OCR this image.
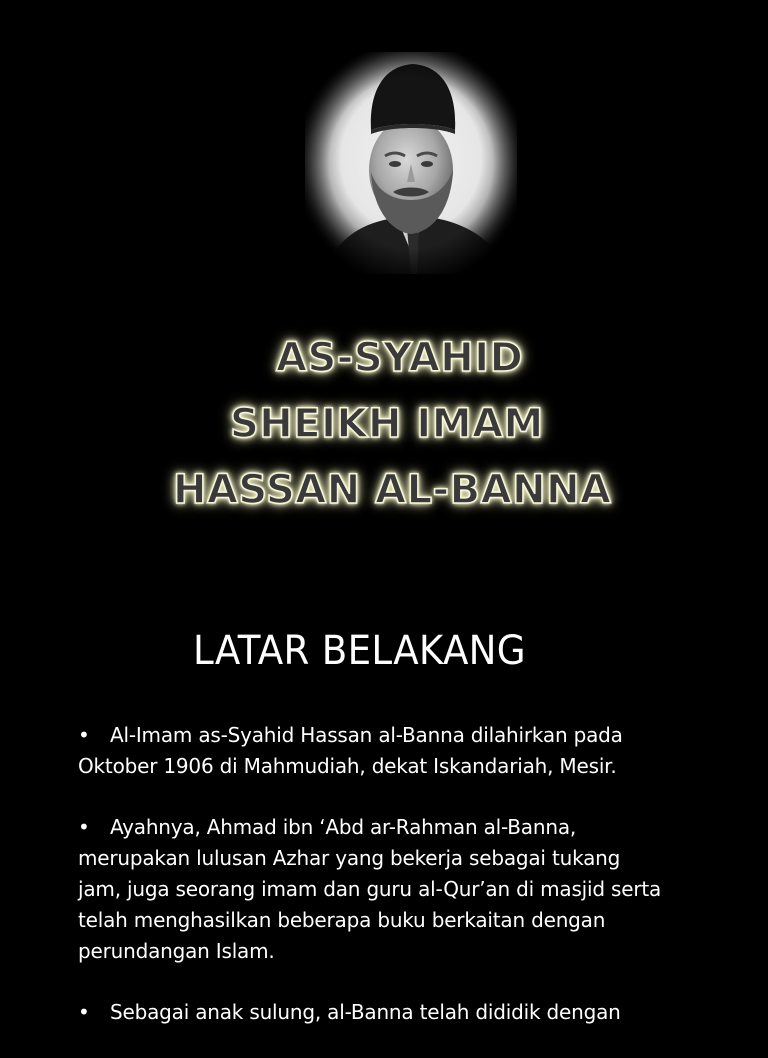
AS-SYAHID
SHEIKH IMAM
HASSAN AL-BANNA
LATAR BELAKANG
• Al-Imam as-Syahid Hassan al-Banna dilahirkan pada
Oktober 1906 di Mahmudiah, dekat Iskandariah, Mesir.
• Ayahnya, Ahmad ibn ‘Abd ar-Rahman al-Banna,
merupakan lulusan Azhar yang bekerja sebagai tukang
jam, juga seorang imam dan guru al-Qur’an di masjid serta
telah menghasilkan beberapa buku berkaitan dengan
perundangan Islam.
• Sebagai anak sulung, al-Banna telah dididik dengan
